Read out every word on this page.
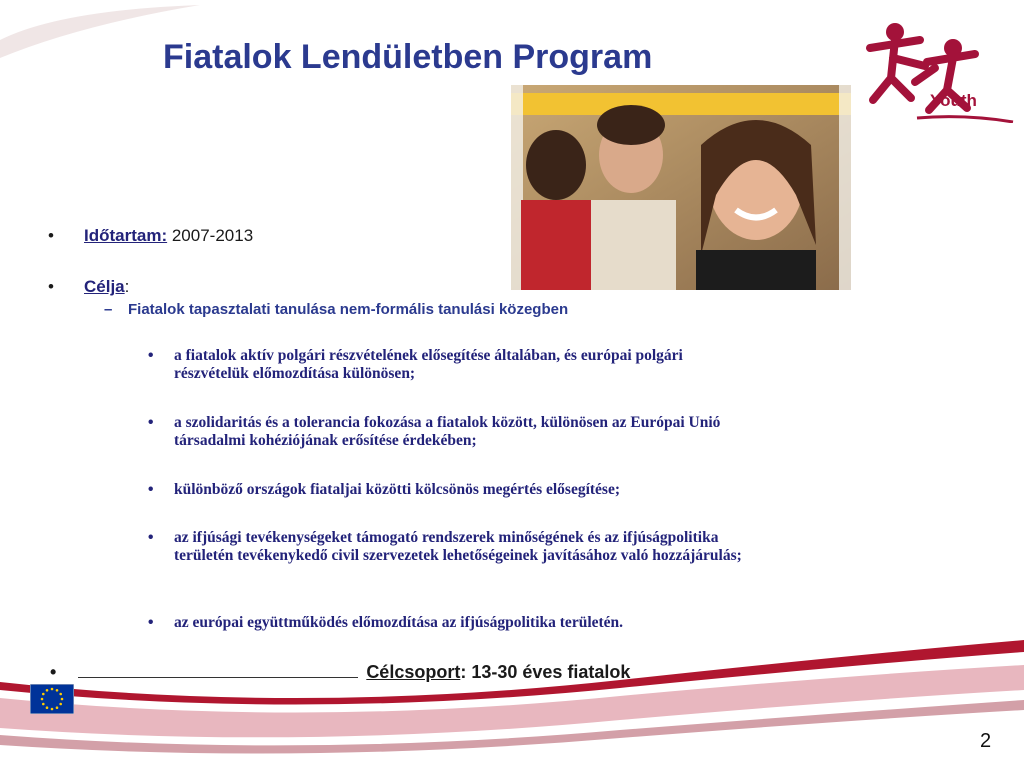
Fiatalok Lendületben Program
Youth
• Időtartam: 2007-2013
• Célja:
– Fiatalok tapasztalati tanulása nem-formális tanulási közegben
• a fiatalok aktív polgári részvételének elősegítése általában, és európai polgári részvételük előmozdítása különösen;
• a szolidaritás és a tolerancia fokozása a fiatalok között, különösen az Európai Unió társadalmi kohéziójának erősítése érdekében;
• különböző országok fiataljai közötti kölcsönös megértés elősegítése;
• az ifjúsági tevékenységeket támogató rendszerek minőségének és az ifjúságpolitika területén tevékenykedő civil szervezetek lehetőségeinek javításához való hozzájárulás;
• az európai együttműködés előmozdítása az ifjúságpolitika területén.
•	Célcsoport: 13-30 éves fiatalok
2
